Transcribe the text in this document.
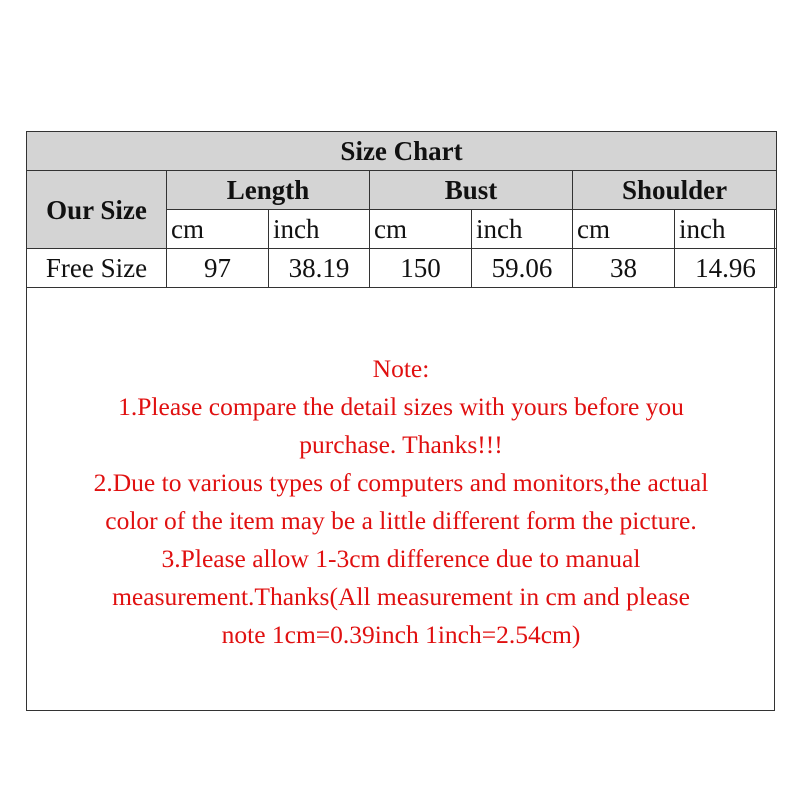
Size Chart						
Our Size	Length		Bust		Shoulder	
	cm	inch	cm	inch	cm	inch
Free Size	97	38.19	150	59.06	38	14.96
Note:
1.Please compare the detail sizes with yours before you
purchase. Thanks!!!
2.Due to various types of computers and monitors,the actual
color of the item may be a little different form the picture.
3.Please allow 1-3cm difference due to manual
measurement.Thanks(All measurement in cm and please
note 1cm=0.39inch 1inch=2.54cm)
